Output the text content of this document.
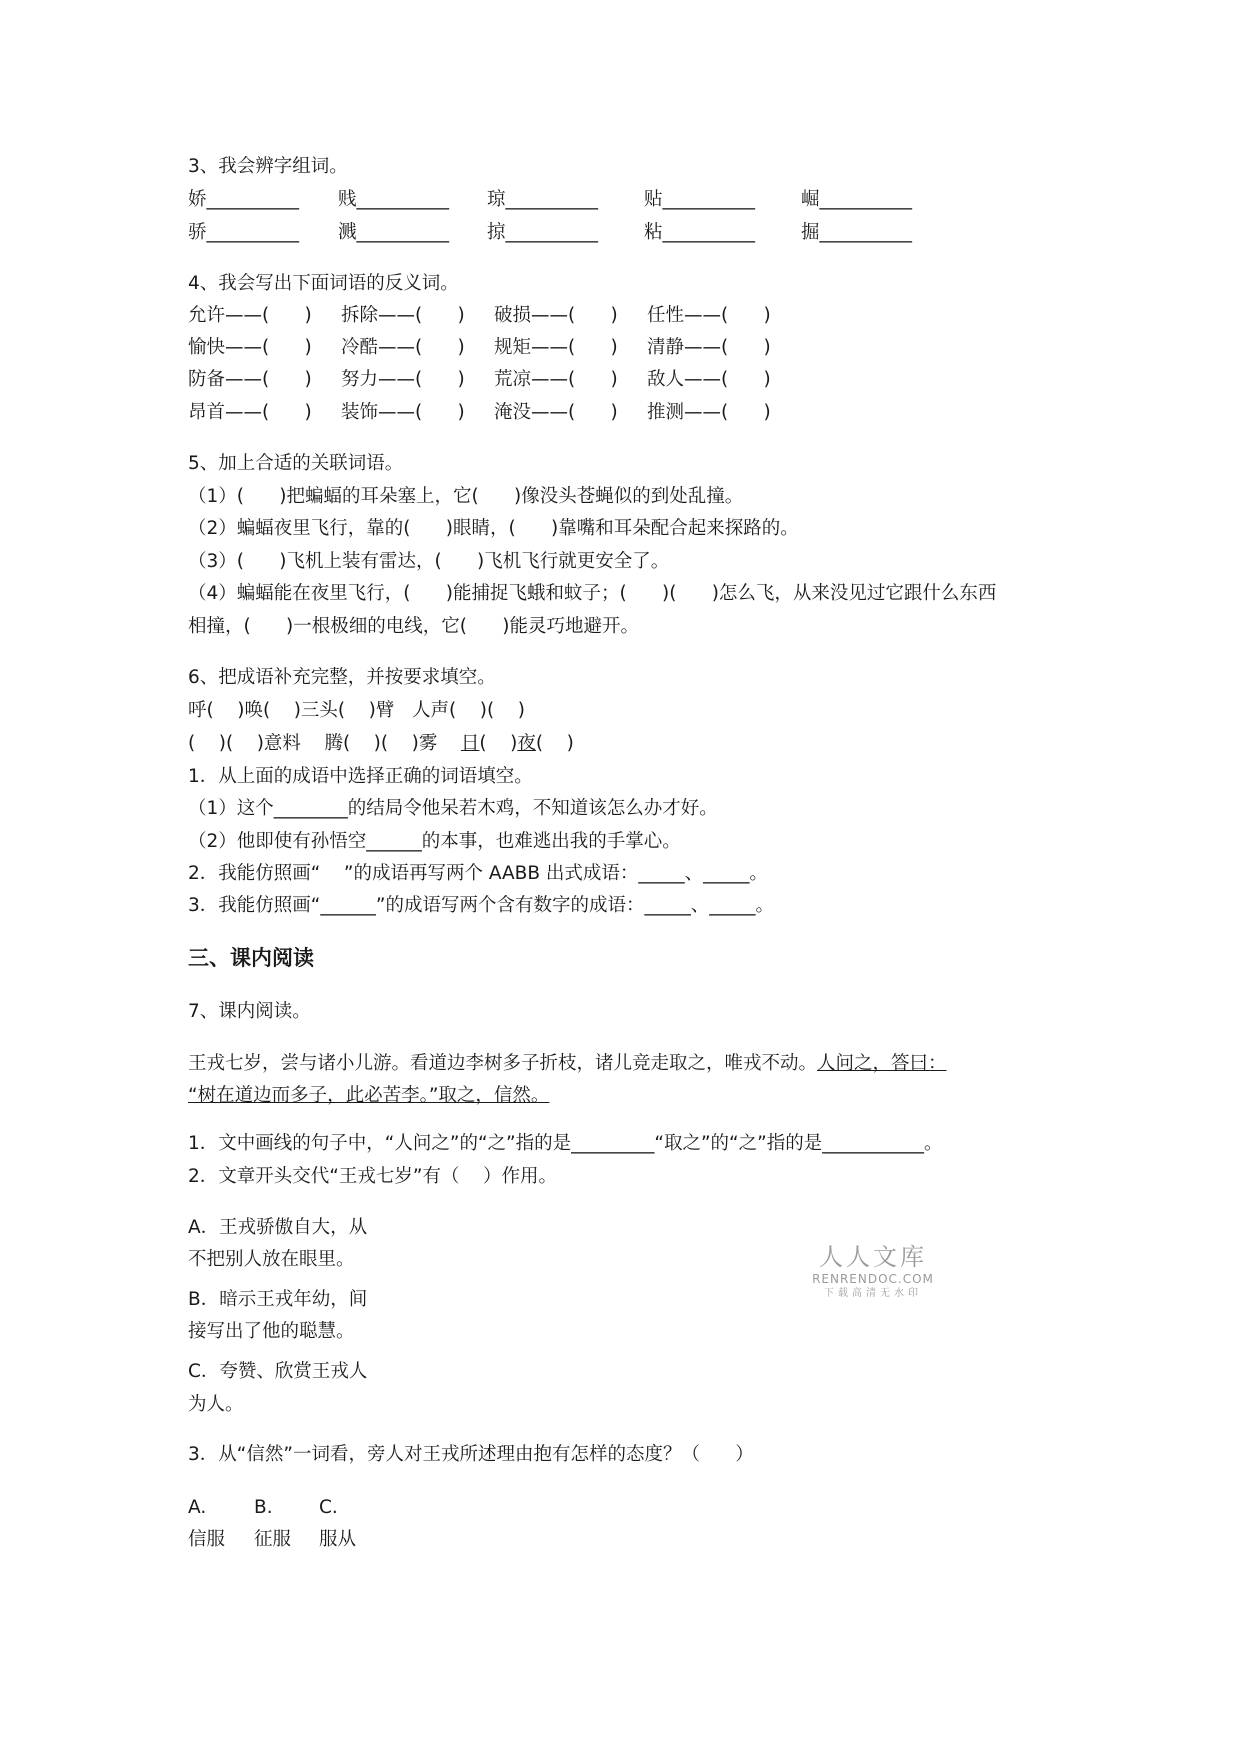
3、我会辨字组词。
娇__________ 贱__________ 琼__________ 贴__________ 崛__________
骄__________ 溅__________ 掠__________ 粘__________ 掘__________
4、我会写出下面词语的反义词。
允许——(      ) 拆除——(      ) 破损——(      ) 任性——(      )
愉快——(      ) 冷酷——(      ) 规矩——(      ) 清静——(      )
防备——(      ) 努力——(      ) 荒凉——(      ) 敌人——(      )
昂首——(      ) 装饰——(      ) 淹没——(      ) 推测——(      )
5、加上合适的关联词语。
（1）(      )把蝙蝠的耳朵塞上，它(      )像没头苍蝇似的到处乱撞。
（2）蝙蝠夜里飞行，靠的(      )眼睛，(      )靠嘴和耳朵配合起来探路的。
（3）(      )飞机上装有雷达，(      )飞机飞行就更安全了。
（4）蝙蝠能在夜里飞行，(      )能捕捉飞蛾和蚊子；(      )(      )怎么飞，从来没见过它跟什么东西
相撞，(      )一根极细的电线，它(      )能灵巧地避开。
6、把成语补充完整，并按要求填空。
呼(    )唤(    )三头(    )臂   人声(    )(    )
(    )(    )意料    腾(    )(    )雾    日(    )夜(    )
1．从上面的成语中选择正确的词语填空。
（1）这个________的结局令他呆若木鸡，不知道该怎么办才好。
（2）他即使有孙悟空______的本事，也难逃出我的手掌心。
2．我能仿照画“    ”的成语再写两个 AABB 出式成语：_____、_____。
3．我能仿照画“______”的成语写两个含有数字的成语：_____、_____。
三、课内阅读
7、课内阅读。
王戎七岁，尝与诸小儿游。看道边李树多子折枝，诸儿竞走取之，唯戎不动。人问之，答曰：
“树在道边而多子，此必苦李。”取之，信然。
1．文中画线的句子中，“人问之”的“之”指的是_________“取之”的“之”指的是___________。
2．文章开头交代“王戎七岁”有（    ）作用。
A．王戎骄傲自大，从
不把别人放在眼里。
B．暗示王戎年幼，间
接写出了他的聪慧。
C．夸赞、欣赏王戎人
为人。
3．从“信然”一词看，旁人对王戎所述理由抱有怎样的态度？（      ）
A.	B.	C.
信服 征服 服从
人人文库
RENRENDOC.COM
下载高清无水印
